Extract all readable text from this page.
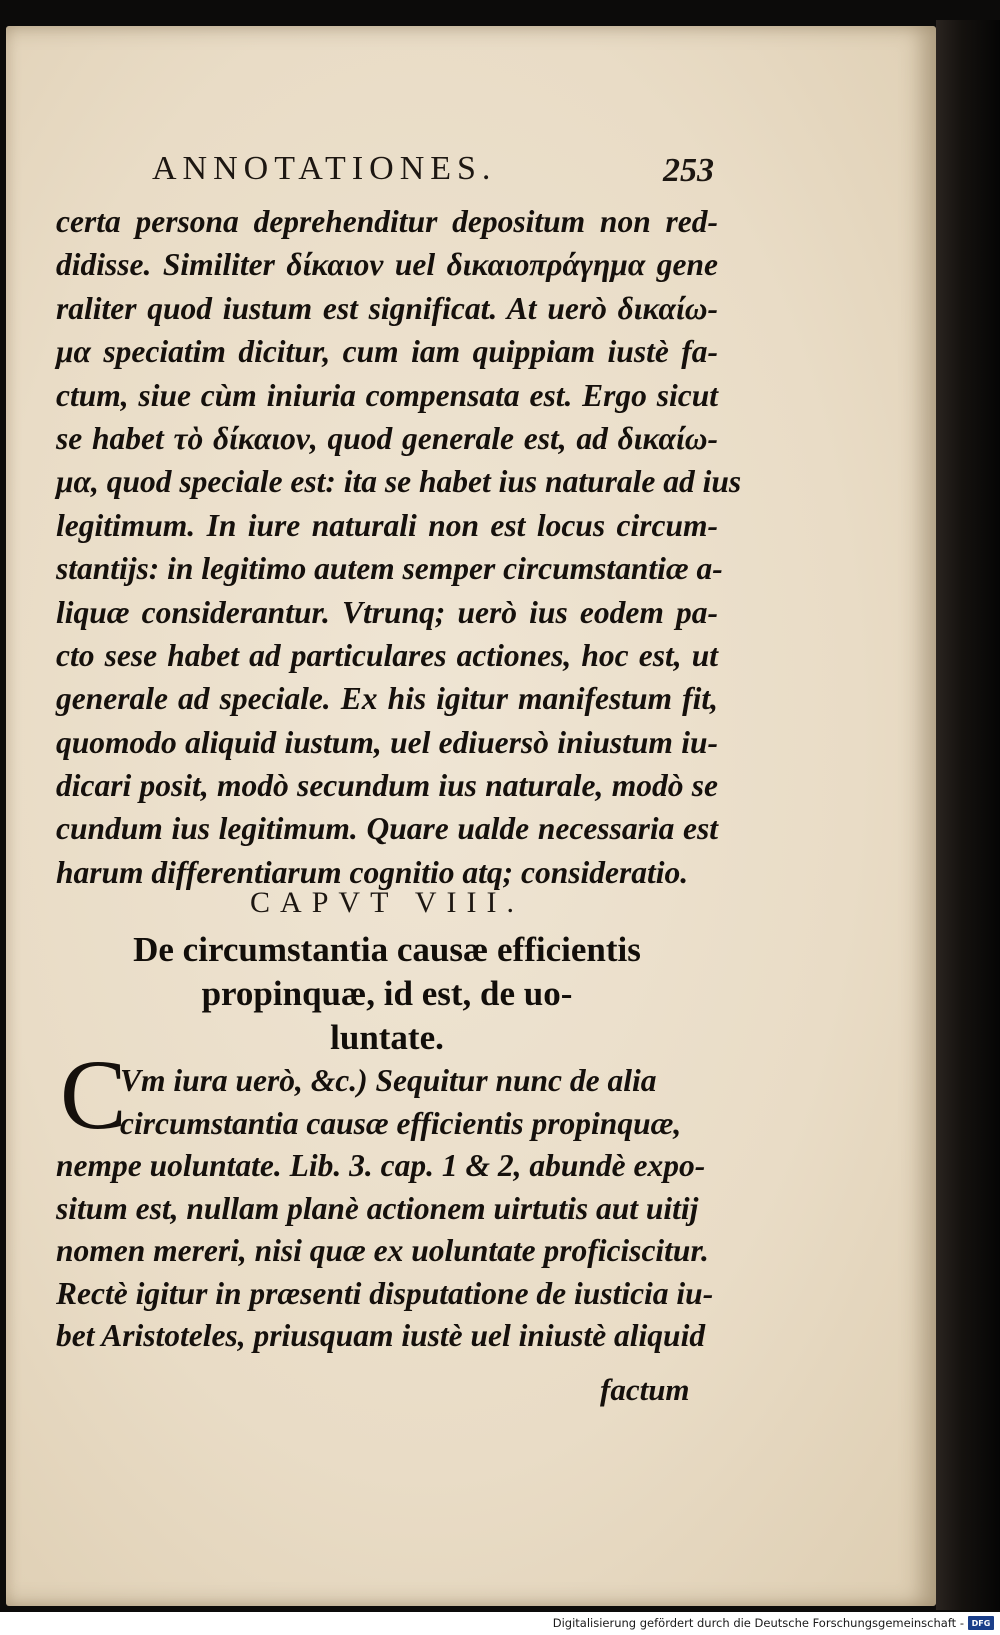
ANNOTATIONES.	253
certa persona deprehenditur depositum non red-
didisse. Similiter δίκαιον uel δικαιοπράγημα gene
raliter quod iustum est significat. At uerò δικαίω-
μα speciatim dicitur, cum iam quippiam iustè fa-
ctum, siue cùm iniuria compensata est. Ergo sicut
se habet τὸ δίκαιον, quod generale est, ad δικαίω-
μα, quod speciale est: ita se habet ius naturale ad ius
legitimum. In iure naturali non est locus circum-
stantijs: in legitimo autem semper circumstantiæ a-
liquæ considerantur. Vtrunq; uerò ius eodem pa-
cto sese habet ad particulares actiones, hoc est, ut
generale ad speciale. Ex his igitur manifestum fit,
quomodo aliquid iustum, uel ediuersò iniustum iu-
dicari posit, modò secundum ius naturale, modò se
cundum ius legitimum. Quare ualde necessaria est
harum differentiarum cognitio atq; consideratio.
CAPVT VIII.
De circumstantia causæ efficientis
propinquæ, id est, de uo-
luntate.
C
Vm iura uerò, &c.) Sequitur nunc de alia
circumstantia causæ efficientis propinquæ,
nempe uoluntate. Lib. 3. cap. 1 & 2, abundè expo-
situm est, nullam planè actionem uirtutis aut uitij
nomen mereri, nisi quæ ex uoluntate proficiscitur.
Rectè igitur in præsenti disputatione de iusticia iu-
bet Aristoteles, priusquam iustè uel iniustè aliquid
factum
Digitalisierung gefördert durch die Deutsche Forschungsgemeinschaft - DFG
